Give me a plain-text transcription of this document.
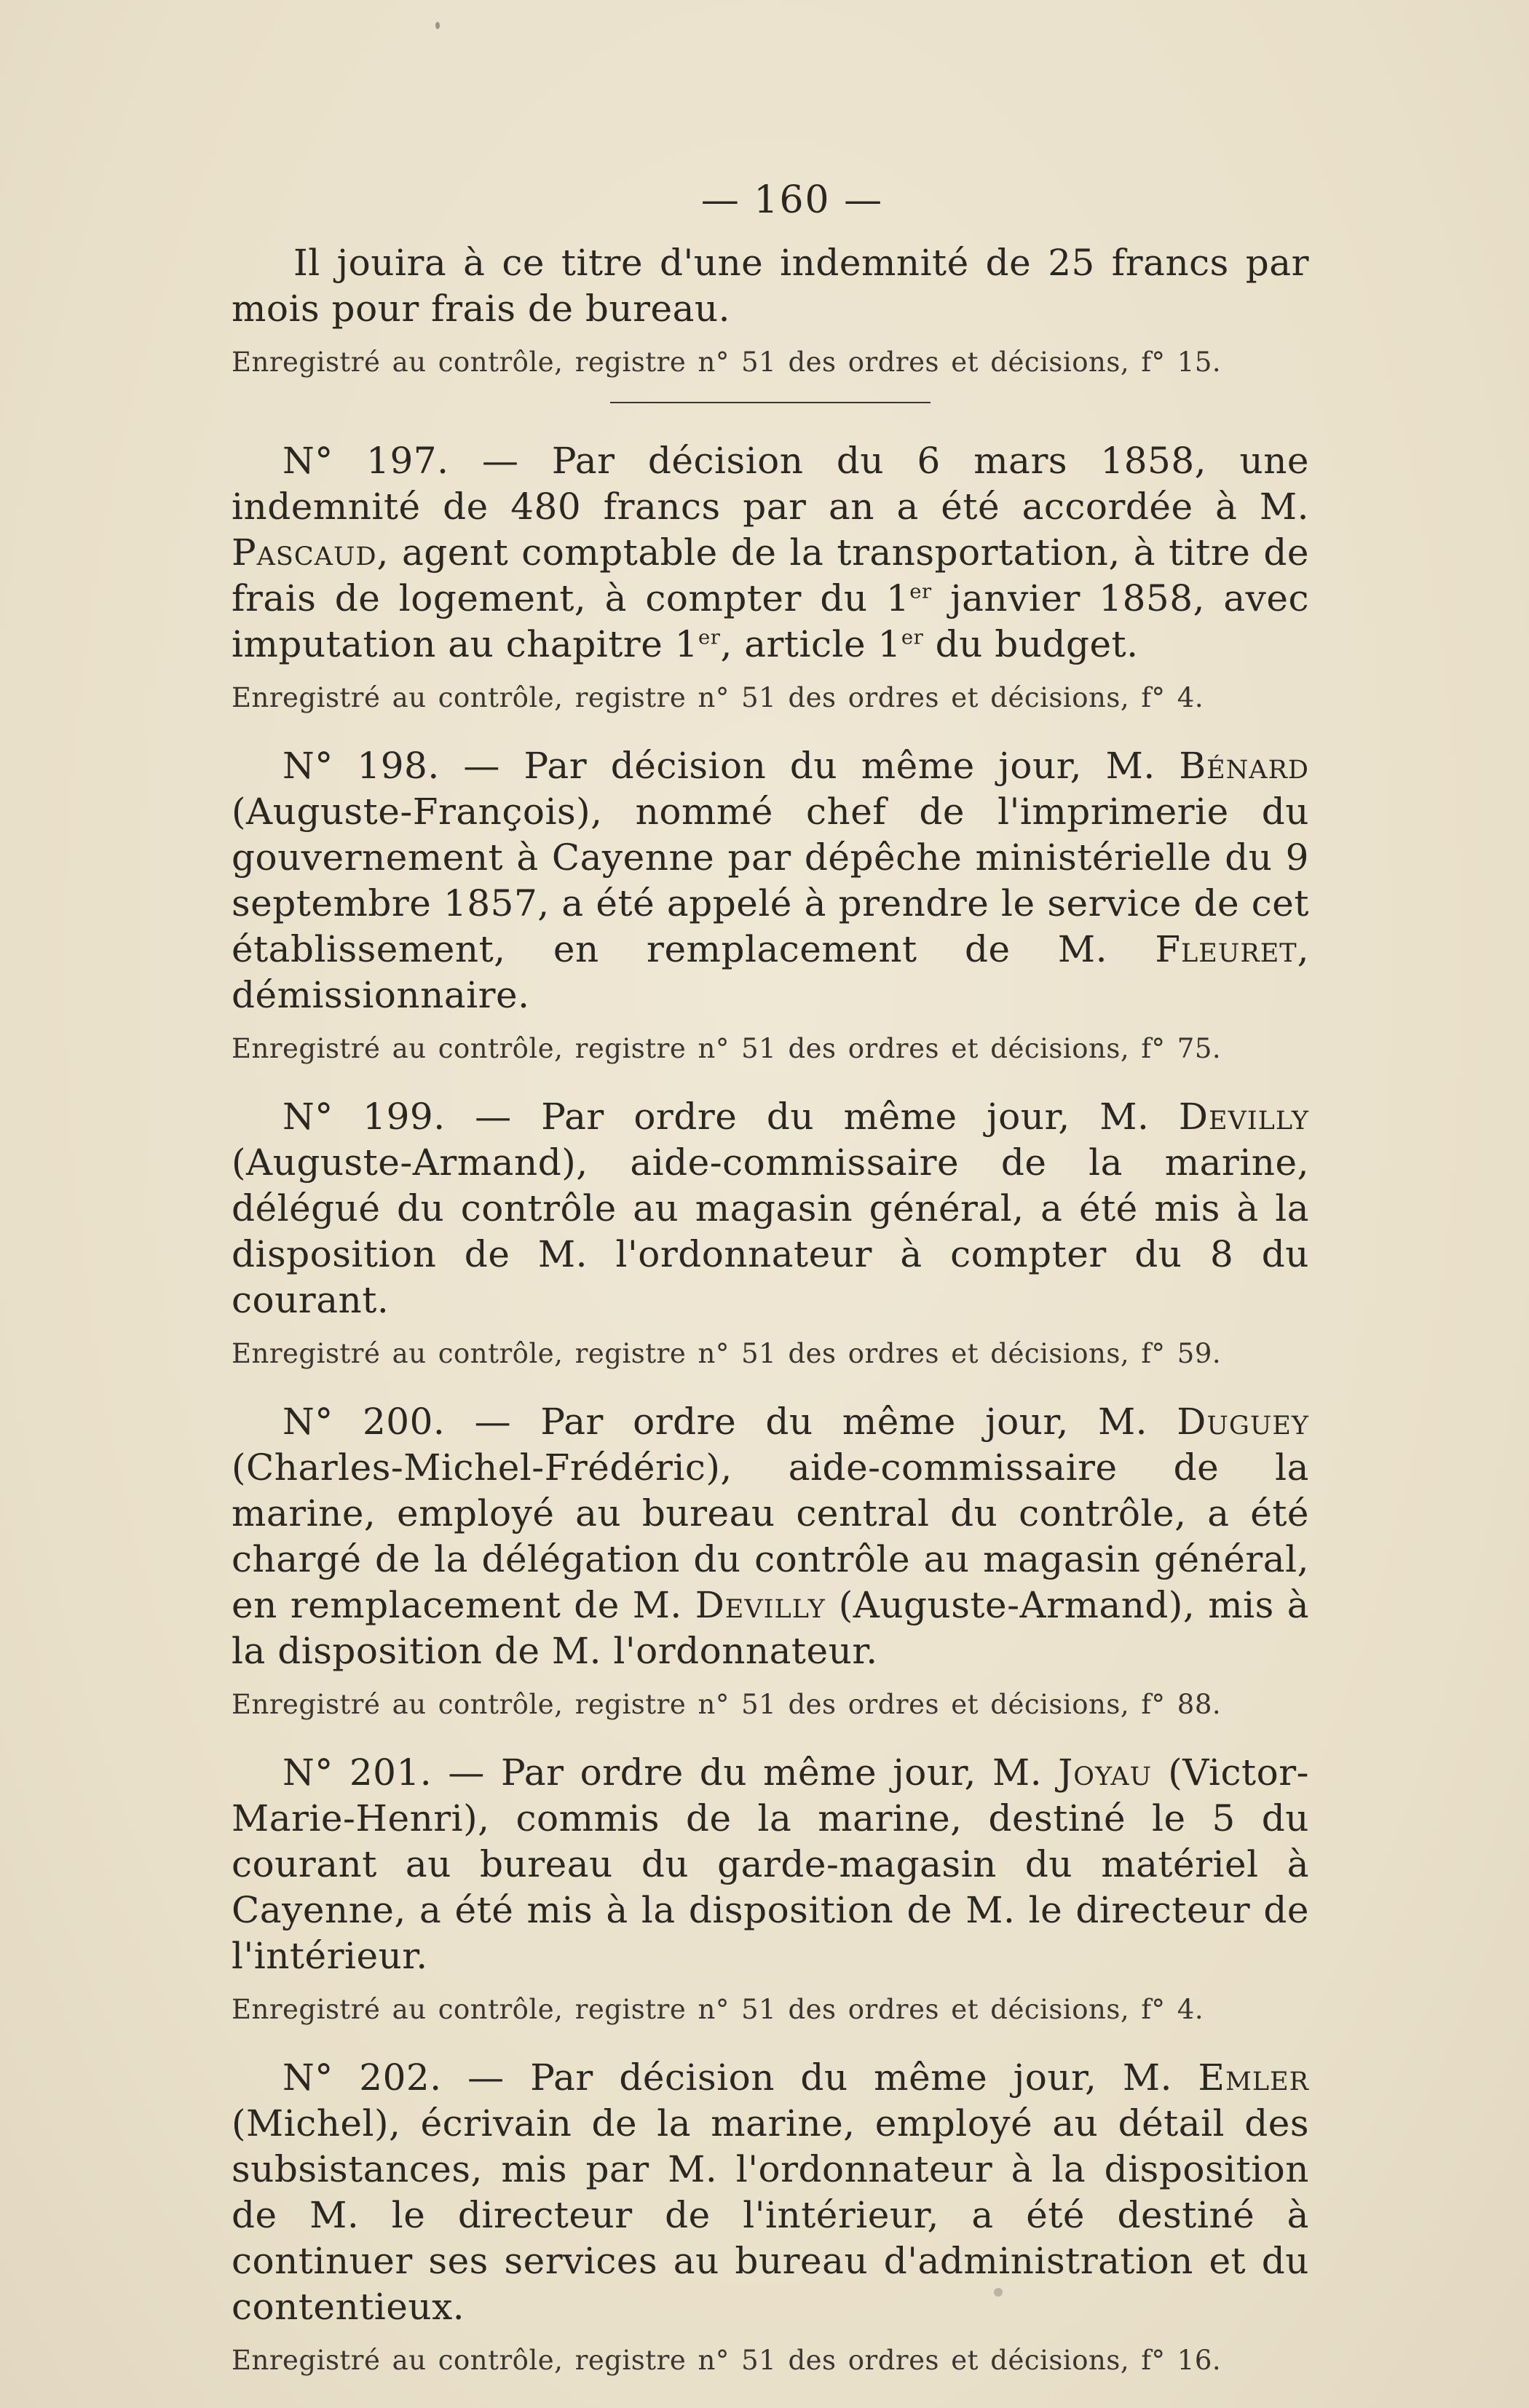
— 160 —

Il jouira à ce titre d'une indemnité de 25 francs par mois pour frais de bureau.

Enregistré au contrôle, registre n° 51 des ordres et décisions, f° 15.

N° 197. — Par décision du 6 mars 1858, une indemnité de 480 francs par an a été accordée à M. Pascaud, agent comptable de la transportation, à titre de frais de logement, à compter du 1er janvier 1858, avec imputation au chapitre 1er, article 1er du budget.

Enregistré au contrôle, registre n° 51 des ordres et décisions, f° 4.

N° 198. — Par décision du même jour, M. Bénard (Auguste-François), nommé chef de l'imprimerie du gouvernement à Cayenne par dépêche ministérielle du 9 septembre 1857, a été appelé à prendre le service de cet établissement, en remplacement de M. Fleuret, démissionnaire.

Enregistré au contrôle, registre n° 51 des ordres et décisions, f° 75.

N° 199. — Par ordre du même jour, M. Devilly (Auguste-Armand), aide-commissaire de la marine, délégué du contrôle au magasin général, a été mis à la disposition de M. l'ordonnateur à compter du 8 du courant.

Enregistré au contrôle, registre n° 51 des ordres et décisions, f° 59.

N° 200. — Par ordre du même jour, M. Duguey (Charles-Michel-Frédéric), aide-commissaire de la marine, employé au bureau central du contrôle, a été chargé de la délégation du contrôle au magasin général, en remplacement de M. Devilly (Auguste-Armand), mis à la disposition de M. l'ordonnateur.

Enregistré au contrôle, registre n° 51 des ordres et décisions, f° 88.

N° 201. — Par ordre du même jour, M. Joyau (Victor-Marie-Henri), commis de la marine, destiné le 5 du courant au bureau du garde-magasin du matériel à Cayenne, a été mis à la disposition de M. le directeur de l'intérieur.

Enregistré au contrôle, registre n° 51 des ordres et décisions, f° 4.

N° 202. — Par décision du même jour, M. Emler (Michel), écrivain de la marine, employé au détail des subsistances, mis par M. l'ordonnateur à la disposition de M. le directeur de l'intérieur, a été destiné à continuer ses services au bureau d'administration et du contentieux.

Enregistré au contrôle, registre n° 51 des ordres et décisions, f° 16.
